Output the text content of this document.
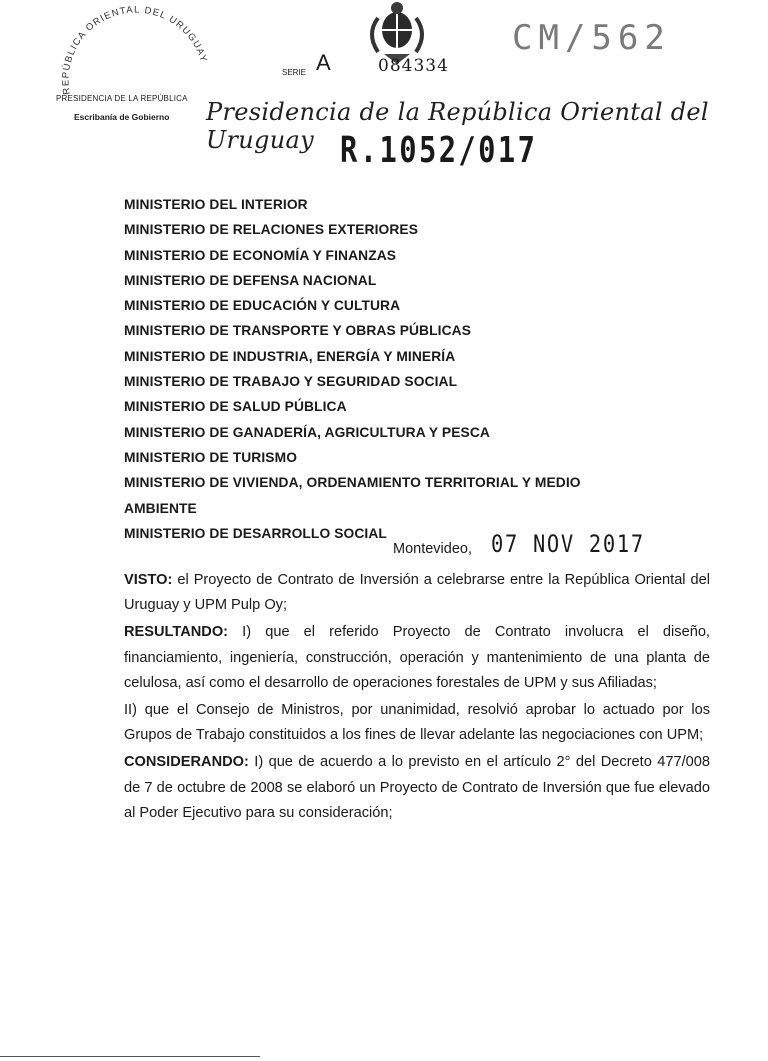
REPÚBLICA ORIENTAL DEL URUGUAY
PRESIDENCIA DE LA REPÚBLICA
Escribanía de Gobierno
SERIE A	084334
CM/562
Presidencia de la República Oriental del Uruguay R.1052/017
MINISTERIO DEL INTERIOR
MINISTERIO DE RELACIONES EXTERIORES
MINISTERIO DE ECONOMÍA Y FINANZAS
MINISTERIO DE DEFENSA NACIONAL
MINISTERIO DE EDUCACIÓN Y CULTURA
MINISTERIO DE TRANSPORTE Y OBRAS PÚBLICAS
MINISTERIO DE INDUSTRIA, ENERGÍA Y MINERÍA
MINISTERIO DE TRABAJO Y SEGURIDAD SOCIAL
MINISTERIO DE SALUD PÚBLICA
MINISTERIO DE GANADERÍA, AGRICULTURA Y PESCA
MINISTERIO DE TURISMO
MINISTERIO DE VIVIENDA, ORDENAMIENTO TERRITORIAL Y MEDIO
AMBIENTE
MINISTERIO DE DESARROLLO SOCIAL
Montevideo, 07 NOV 2017

VISTO: el Proyecto de Contrato de Inversión a celebrarse entre la República Oriental del Uruguay y UPM Pulp Oy;

RESULTANDO: I) que el referido Proyecto de Contrato involucra el diseño, financiamiento, ingeniería, construcción, operación y mantenimiento de una planta de celulosa, así como el desarrollo de operaciones forestales de UPM y sus Afiliadas;

II) que el Consejo de Ministros, por unanimidad, resolvió aprobar lo actuado por los Grupos de Trabajo constituidos a los fines de llevar adelante las negociaciones con UPM;

CONSIDERANDO: I) que de acuerdo a lo previsto en el artículo 2° del Decreto 477/008 de 7 de octubre de 2008 se elaboró un Proyecto de Contrato de Inversión que fue elevado al Poder Ejecutivo para su consideración;
